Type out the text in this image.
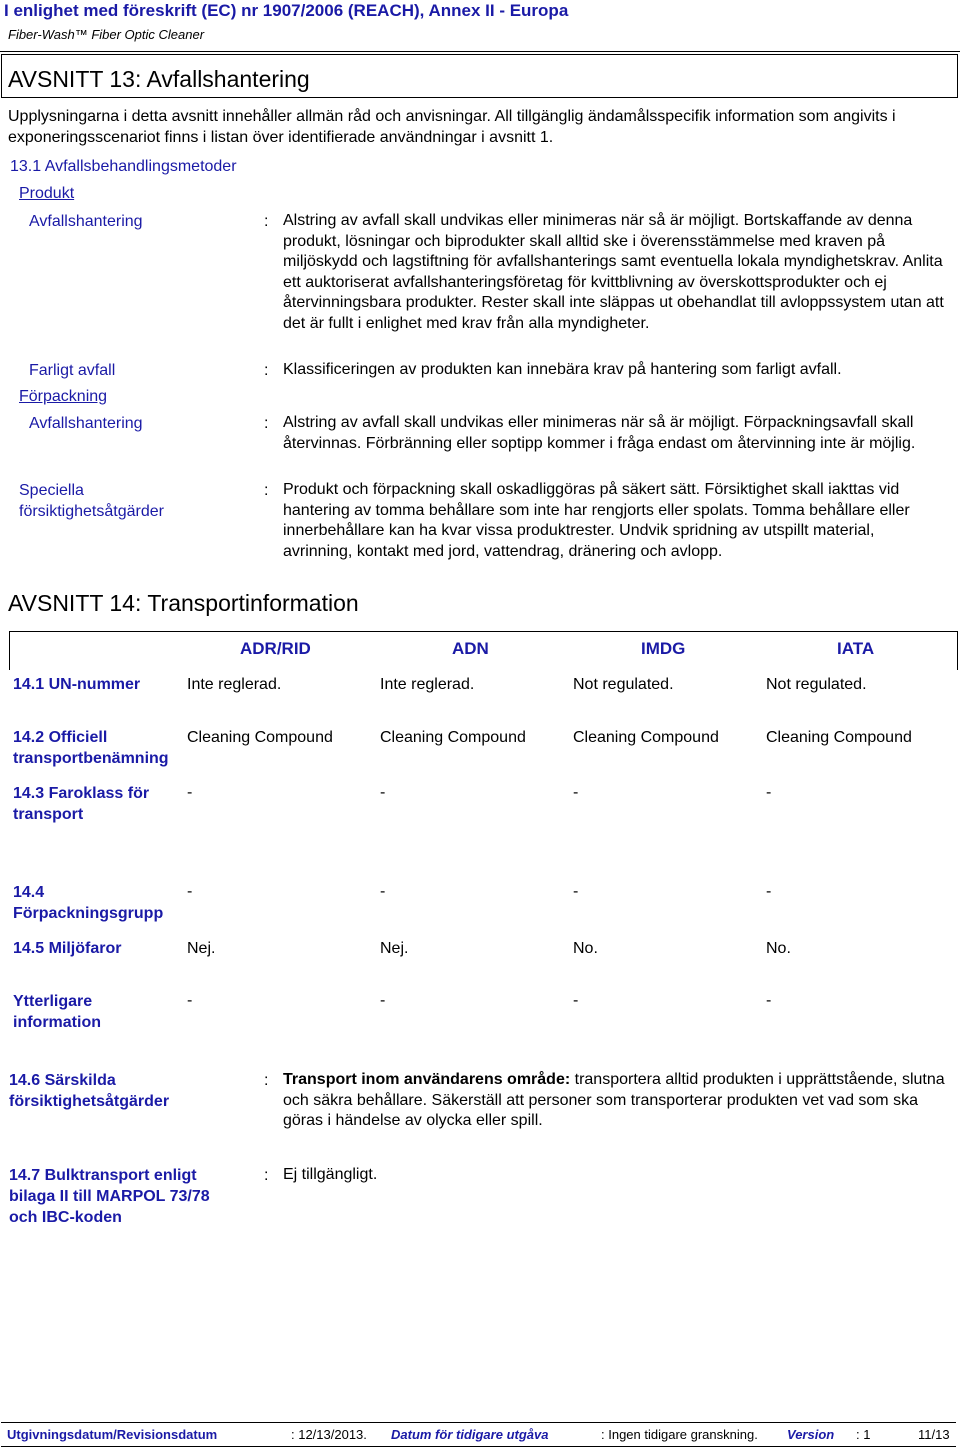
I enlighet med föreskrift (EC) nr 1907/2006 (REACH), Annex II - Europa
Fiber-Wash™ Fiber Optic Cleaner
AVSNITT 13: Avfallshantering
Upplysningarna i detta avsnitt innehåller allmän råd och anvisningar. All tillgänglig ändamålsspecifik information som angivits i exponeringsscenariot finns i listan över identifierade användningar i avsnitt 1.
13.1 Avfallsbehandlingsmetoder
Produkt
Avfallshantering	: Alstring av avfall skall undvikas eller minimeras när så är möjligt. Bortskaffande av denna produkt, lösningar och biprodukter skall alltid ske i överensstämmelse med kraven på miljöskydd och lagstiftning för avfallshanterings samt eventuella lokala myndighetskrav. Anlita ett auktoriserat avfallshanteringsföretag för kvittblivning av överskottsprodukter och ej återvinningsbara produkter. Rester skall inte släppas ut obehandlat till avloppssystem utan att det är fullt i enlighet med krav från alla myndigheter.
Farligt avfall	: Klassificeringen av produkten kan innebära krav på hantering som farligt avfall.
Förpackning
Avfallshantering	: Alstring av avfall skall undvikas eller minimeras när så är möjligt. Förpackningsavfall skall återvinnas. Förbränning eller soptipp kommer i fråga endast om återvinning inte är möjlig.
Speciella försiktighetsåtgärder
: Produkt och förpackning skall oskadliggöras på säkert sätt. Försiktighet skall iakttas vid hantering av tomma behållare som inte har rengjorts eller spolats. Tomma behållare eller innerbehållare kan ha kvar vissa produktrester. Undvik spridning av utspillt material, avrinning, kontakt med jord, vattendrag, dränering och avlopp.
AVSNITT 14: Transportinformation
ADR/RID	ADN	IMDG	IATA
14.1 UN-nummer	Inte reglerad.	Inte reglerad.	Not regulated.	Not regulated.
14.2 Officiell transportbenämning
Cleaning Compound	Cleaning Compound	Cleaning Compound	Cleaning Compound
14.3 Faroklass för transport
-	-	-	-
14.4 Förpackningsgrupp
-	-	-	-
14.5 Miljöfaror	Nej.	Nej.	No.	No.
Ytterligare information
-	-	-	-
14.6 Särskilda försiktighetsåtgärder
: Transport inom användarens område: transportera alltid produkten i upprättstående, slutna och säkra behållare. Säkerställ att personer som transporterar produkten vet vad som ska göras i händelse av olycka eller spill.
14.7 Bulktransport enligt bilaga II till MARPOL 73/78 och IBC-koden
: Ej tillgängligt.
Utgivningsdatum/Revisionsdatum	: 12/13/2013. Datum för tidigare utgåva	: Ingen tidigare granskning. Version : 1	11/13
